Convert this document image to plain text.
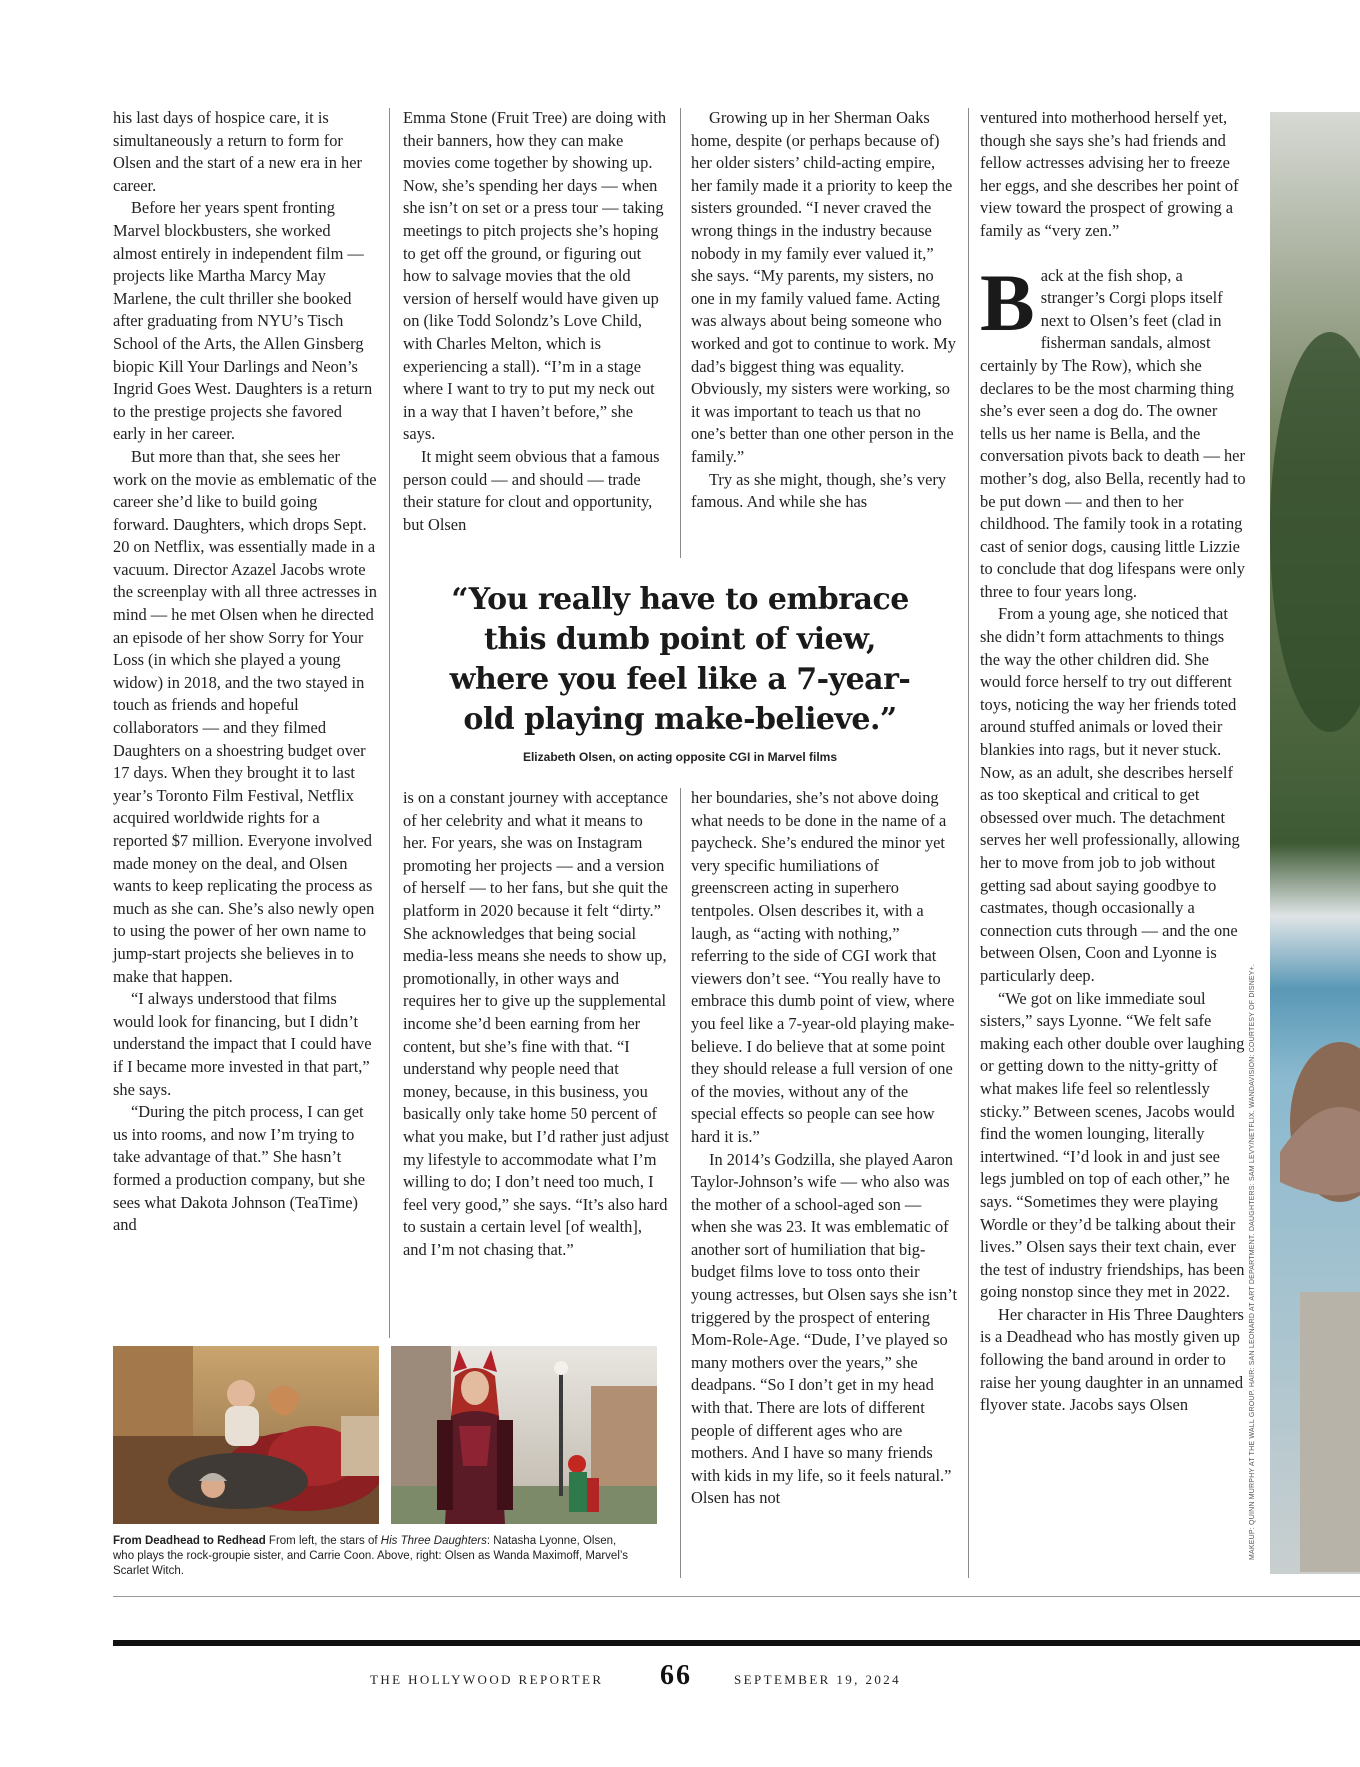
his last days of hospice care, it is simultaneously a return to form for Olsen and the start of a new era in her career.

Before her years spent fronting Marvel blockbusters, she worked almost entirely in independent film — projects like Martha Marcy May Marlene, the cult thriller she booked after graduating from NYU’s Tisch School of the Arts, the Allen Ginsberg biopic Kill Your Darlings and Neon’s Ingrid Goes West. Daughters is a return to the prestige projects she favored early in her career.

But more than that, she sees her work on the movie as emblematic of the career she’d like to build going forward. Daughters, which drops Sept. 20 on Netflix, was essentially made in a vacuum. Director Azazel Jacobs wrote the screenplay with all three actresses in mind — he met Olsen when he directed an episode of her show Sorry for Your Loss (in which she played a young widow) in 2018, and the two stayed in touch as friends and hopeful collaborators — and they filmed Daughters on a shoestring budget over 17 days. When they brought it to last year’s Toronto Film Festival, Netflix acquired worldwide rights for a reported $7 million. Everyone involved made money on the deal, and Olsen wants to keep replicating the process as much as she can. She’s also newly open to using the power of her own name to jump-start projects she believes in to make that happen.

“I always understood that films would look for financing, but I didn’t understand the impact that I could have if I became more invested in that part,” she says.

“During the pitch process, I can get us into rooms, and now I’m trying to take advantage of that.” She hasn’t formed a production company, but she sees what Dakota Johnson (TeaTime) and

Emma Stone (Fruit Tree) are doing with their banners, how they can make movies come together by showing up. Now, she’s spending her days — when she isn’t on set or a press tour — taking meetings to pitch projects she’s hoping to get off the ground, or figuring out how to salvage movies that the old version of herself would have given up on (like Todd Solondz’s Love Child, with Charles Melton, which is experiencing a stall). “I’m in a stage where I want to try to put my neck out in a way that I haven’t before,” she says.

It might seem obvious that a famous person could — and should — trade their stature for clout and opportunity, but Olsen

Growing up in her Sherman Oaks home, despite (or perhaps because of) her older sisters’ child-acting empire, her family made it a priority to keep the sisters grounded. “I never craved the wrong things in the industry because nobody in my family ever valued it,” she says. “My parents, my sisters, no one in my family valued fame. Acting was always about being someone who worked and got to continue to work. My dad’s biggest thing was equality. Obviously, my sisters were working, so it was important to teach us that no one’s better than one other person in the family.”

Try as she might, though, she’s very famous. And while she has

“You really have to embrace this dumb point of view, where you feel like a 7-year-old playing make-believe.”
Elizabeth Olsen, on acting opposite CGI in Marvel films

is on a constant journey with acceptance of her celebrity and what it means to her. For years, she was on Instagram promoting her projects — and a version of herself — to her fans, but she quit the platform in 2020 because it felt “dirty.” She acknowledges that being social media-less means she needs to show up, promotionally, in other ways and requires her to give up the supplemental income she’d been earning from her content, but she’s fine with that. “I understand why people need that money, because, in this business, you basically only take home 50 percent of what you make, but I’d rather just adjust my lifestyle to accommodate what I’m willing to do; I don’t need too much, I feel very good,” she says. “It’s also hard to sustain a certain level [of wealth], and I’m not chasing that.”

her boundaries, she’s not above doing what needs to be done in the name of a paycheck. She’s endured the minor yet very specific humiliations of greenscreen acting in superhero tentpoles. Olsen describes it, with a laugh, as “acting with nothing,” referring to the side of CGI work that viewers don’t see. “You really have to embrace this dumb point of view, where you feel like a 7-year-old playing make-believe. I do believe that at some point they should release a full version of one of the movies, without any of the special effects so people can see how hard it is.”

In 2014’s Godzilla, she played Aaron Taylor-Johnson’s wife — who also was the mother of a school-aged son — when she was 23. It was emblematic of another sort of humiliation that big-budget films love to toss onto their young actresses, but Olsen says she isn’t triggered by the prospect of entering Mom-Role-Age. “Dude, I’ve played so many mothers over the years,” she deadpans. “So I don’t get in my head with that. There are lots of different people of different ages who are mothers. And I have so many friends with kids in my life, so it feels natural.” Olsen has not

ventured into motherhood herself yet, though she says she’s had friends and fellow actresses advising her to freeze her eggs, and she describes her point of view toward the prospect of growing a family as “very zen.”

Back at the fish shop, a stranger’s Corgi plops itself next to Olsen’s feet (clad in fisherman sandals, almost certainly by The Row), which she declares to be the most charming thing she’s ever seen a dog do. The owner tells us her name is Bella, and the conversation pivots back to death — her mother’s dog, also Bella, recently had to be put down — and then to her childhood. The family took in a rotating cast of senior dogs, causing little Lizzie to conclude that dog lifespans were only three to four years long.

From a young age, she noticed that she didn’t form attachments to things the way the other children did. She would force herself to try out different toys, noticing the way her friends toted around stuffed animals or loved their blankies into rags, but it never stuck. Now, as an adult, she describes herself as too skeptical and critical to get obsessed over much. The detachment serves her well professionally, allowing her to move from job to job without getting sad about saying goodbye to castmates, though occasionally a connection cuts through — and the one between Olsen, Coon and Lyonne is particularly deep.

“We got on like immediate soul sisters,” says Lyonne. “We felt safe making each other double over laughing or getting down to the nitty-gritty of what makes life feel so relentlessly sticky.” Between scenes, Jacobs would find the women lounging, literally intertwined. “I’d look in and just see legs jumbled on top of each other,” he says. “Sometimes they were playing Wordle or they’d be talking about their lives.” Olsen says their text chain, ever the test of industry friendships, has been going nonstop since they met in 2022.

Her character in His Three Daughters is a Deadhead who has mostly given up following the band around in order to raise her young daughter in an unnamed flyover state. Jacobs says Olsen

From Deadhead to Redhead From left, the stars of His Three Daughters: Natasha Lyonne, Olsen, who plays the rock-groupie sister, and Carrie Coon. Above, right: Olsen as Wanda Maximoff, Marvel’s Scarlet Witch.
MAKEUP: QUINN MURPHY AT THE WALL GROUP. HAIR: SAN LEONARD AT ART DEPARTMENT. DAUGHTERS: SAM LEVY/NETFLIX. WANDAVISION: COURTESY OF DISNEY+.
THE HOLLYWOOD REPORTER 66	SEPTEMBER 19, 2024
